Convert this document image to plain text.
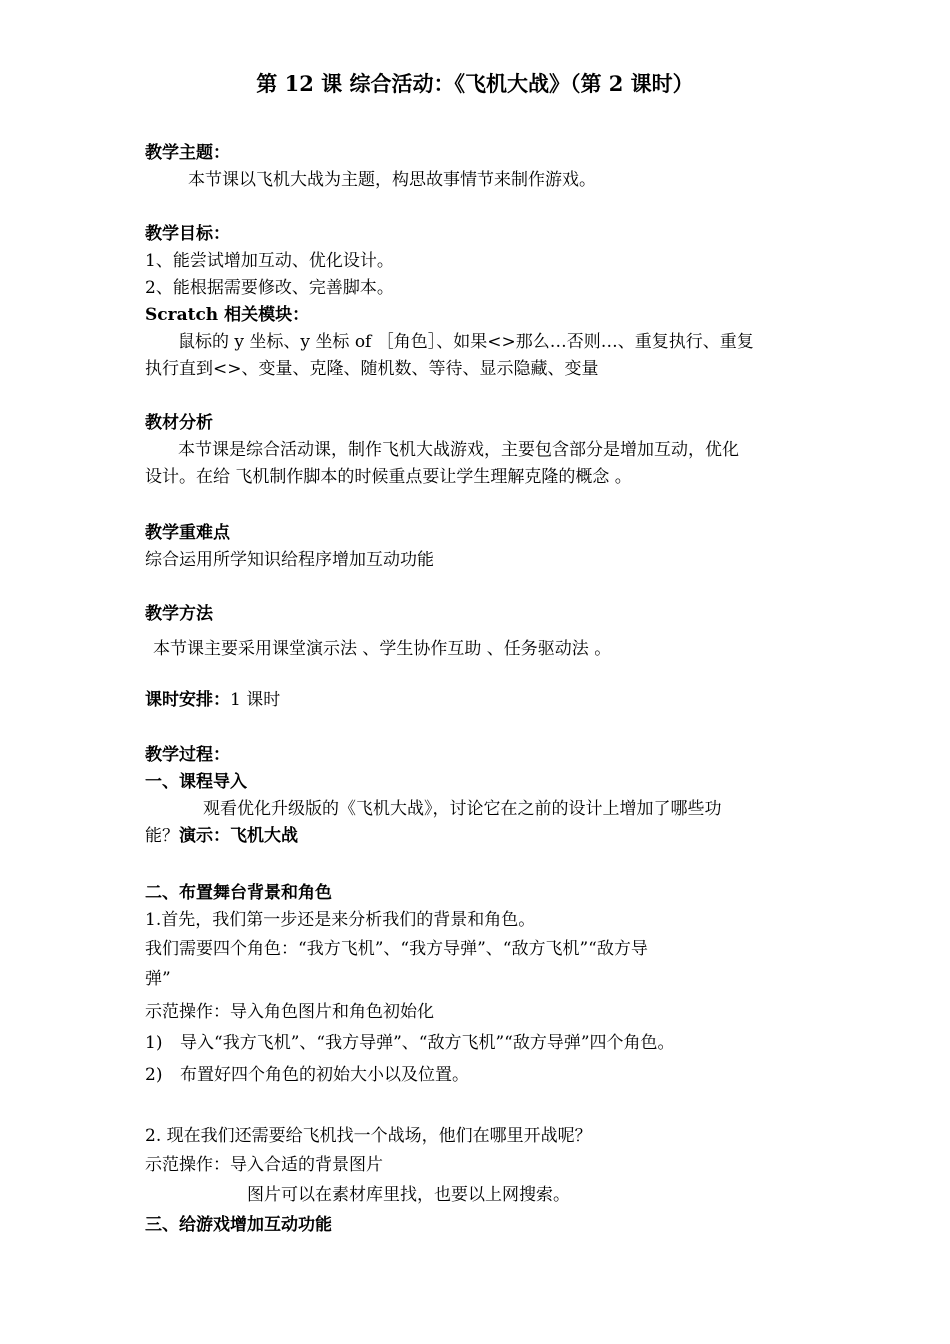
第 12 课 综合活动：《飞机大战》（第 2 课时）
教学主题：
本节课以飞机大战为主题，构思故事情节来制作游戏。
教学目标：
1、能尝试增加互动、优化设计。
2、能根据需要修改、完善脚本。
Scratch 相关模块：
鼠标的 y 坐标、y 坐标 of ［角色］、如果<>那么…否则…、重复执行、重复
执行直到<>、变量、克隆、随机数、等待、显示隐藏、变量
教材分析
本节课是综合活动课，制作飞机大战游戏，主要包含部分是增加互动，优化
设计。在给 飞机制作脚本的时候重点要让学生理解克隆的概念 。
教学重难点
综合运用所学知识给程序增加互动功能
教学方法
本节课主要采用课堂演示法 、学生协作互助 、任务驱动法 。
课时安排：1 课时
教学过程：
一、课程导入
观看优化升级版的《飞机大战》，讨论它在之前的设计上增加了哪些功
能？演示：飞机大战
二、布置舞台背景和角色
1.首先，我们第一步还是来分析我们的背景和角色。
我们需要四个角色：“我方飞机”、“我方导弹”、“敌方飞机”“敌方导
弹”
示范操作：导入角色图片和角色初始化
1) 导入“我方飞机”、“我方导弹”、“敌方飞机”“敌方导弹”四个角色。
2) 布置好四个角色的初始大小以及位置。
2. 现在我们还需要给飞机找一个战场，他们在哪里开战呢？
示范操作：导入合适的背景图片
图片可以在素材库里找，也要以上网搜索。
三、给游戏增加互动功能
